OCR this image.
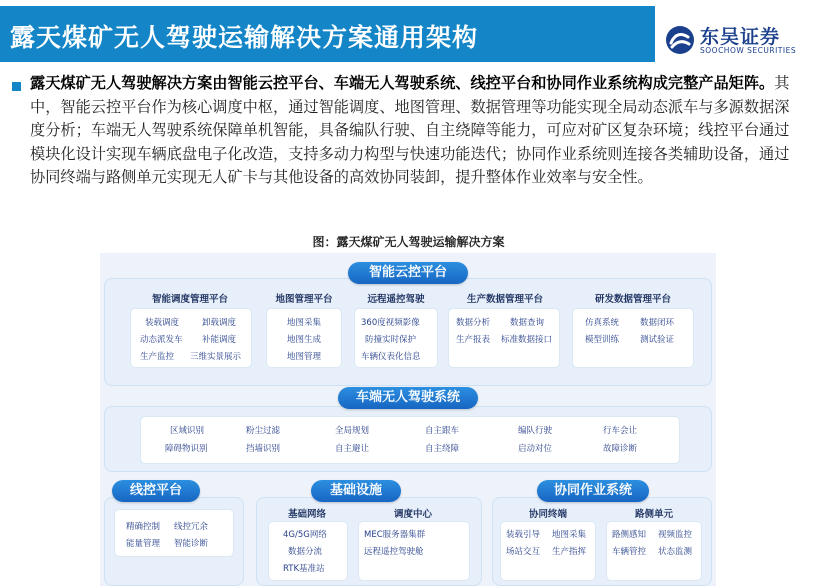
露天煤矿无人驾驶运输解决方案通用架构	东吴证券
SOOCHOW SECURITIES
露天煤矿无人驾驶解决方案由智能云控平台、车端无人驾驶系统、线控平台和协同作业系统构成完整产品矩阵。其中，智能云控平台作为核心调度中枢，通过智能调度、地图管理、数据管理等功能实现全局动态派车与多源数据深度分析；车端无人驾驶系统保障单机智能，具备编队行驶、自主绕障等能力，可应对矿区复杂环境；线控平台通过模块化设计实现车辆底盘电子化改造，支持多动力构型与快速功能迭代；协同作业系统则连接各类辅助设备，通过协同终端与路侧单元实现无人矿卡与其他设备的高效协同装卸，提升整体作业效率与安全性。
图：露天煤矿无人驾驶运输解决方案
智能云控平台
智能调度管理平台
装载调度	卸载调度
动态派发车 补能调度
生产监控 三维实景展示
地图管理平台
地图采集
地图生成
地图管理
远程遥控驾驶
360度视频影像
防撞实时保护
车辆仪表化信息
生产数据管理平台
数据分析 数据查询
生产报表 标准数据接口
研发数据管理平台
仿真系统 数据闭环
模型训练 测试验证
车端无人驾驶系统
区域识别	粉尘过滤	全局规划	自主跟车	编队行驶	行车会让
障碍物识别	挡墙识别	自主避让	自主绕障	启动对位	故障诊断
线控平台
精确控制 线控冗余
能量管理 智能诊断
基础设施
基础网络
4G/5G网络
数据分流
RTK基准站
调度中心
MEC服务器集群
远程遥控驾驶舱
协同作业系统
协同终端
装载引导 地图采集
场站交互 生产指挥
路侧单元
路侧感知 视频监控
车辆管控 状态监测
